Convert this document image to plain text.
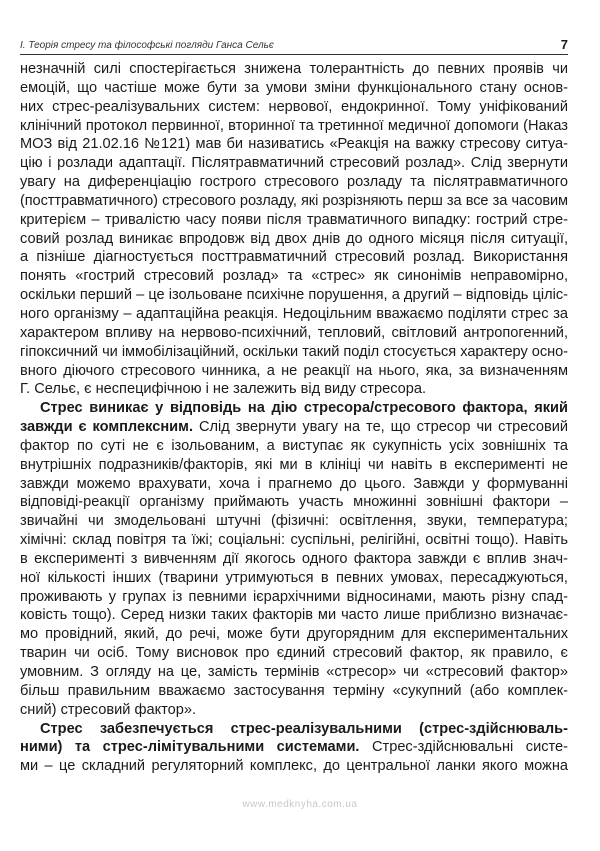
I. Теорія стресу та філософські погляди Ганса Сельє	7
незначній силі спостерігається знижена толерантність до певних проявів чи
емоцій, що частіше може бути за умови зміни функціонального стану основ-
них стрес-реалізувальних систем: нервової, ендокринної. Тому уніфікований
клінічний протокол первинної, вторинної та третинної медичної допомоги (Наказ
МОЗ від 21.02.16 №121) мав би називатись «Реакція на важку стресову ситуа-
цію і розлади адаптації. Післятравматичний стресовий розлад». Слід звернути
увагу на диференціацію гострого стресового розладу та післятравматичного
(посттравматичного) стресового розладу, які розрізняють перш за все за часовим
критерієм – тривалістю часу появи після травматичного випадку: гострий стре-
совий розлад виникає впродовж від двох днів до одного місяця після ситуації,
а пізніше діагностується посттравматичний стресовий розлад. Використання
понять «гострий стресовий розлад» та «стрес» як синонімів неправомірно,
оскільки перший – це ізольоване психічне порушення, а другий – відповідь цiліс-
ного організму – адаптаційна реакція. Недоцільним вважаємо поділяти стрес за
характером впливу на нервово-психічний, тепловий, світловий антропогенний,
гіпоксичний чи іммобілізаційний, оскільки такий поділ стосується характеру осно-
вного діючого стресового чинника, а не реакції на нього, яка, за визначенням
Г. Сельє, є неспецифічною і не залежить від виду стресора.
Стрес виникає у відповідь на дію стресора/стресового фактора, який
завжди є комплексним. Слід звернути увагу на те, що стресор чи стресовий
фактор по суті не є ізольованим, а виступає як сукупність усіх зовнішніх та
внутрішніх подразників/факторів, які ми в клініці чи навіть в експерименті не
завжди можемо врахувати, хоча і прагнемо до цього. Завжди у формуванні
відповіді-реакції організму приймають участь множинні зовнішні фактори –
звичайні чи змодельовані штучні (фізичні: освітлення, звуки, температура;
хімічні: склад повітря та їжі; соціальні: суспільні, релігійні, освітні тощо). Навіть
в експерименті з вивченням дії якогось одного фактора завжди є вплив знач-
ної кількості інших (тварини утримуються в певних умовах, пересаджуються,
проживають у групах із певними ієрархічними відносинами, мають різну спад-
ковість тощо). Серед низки таких факторів ми часто лише приблизно визначає-
мо провідний, який, до речі, може бути другорядним для експериментальних
тварин чи осіб. Тому висновок про єдиний стресовий фактор, як правило, є
умовним. З огляду на це, замість термінів «стресор» чи «стресовий фактор»
більш правильним вважаємо застосування терміну «сукупний (або комплек-
сний) стресовий фактор».
Стрес забезпечується стрес-реалізувальними (стрес-здійснюваль-
ними) та стрес-лімітувальними системами. Стрес-здійснювальні систе-
ми – це складний регуляторний комплекс, до центральної ланки якого можна
www.medknyha.com.ua
